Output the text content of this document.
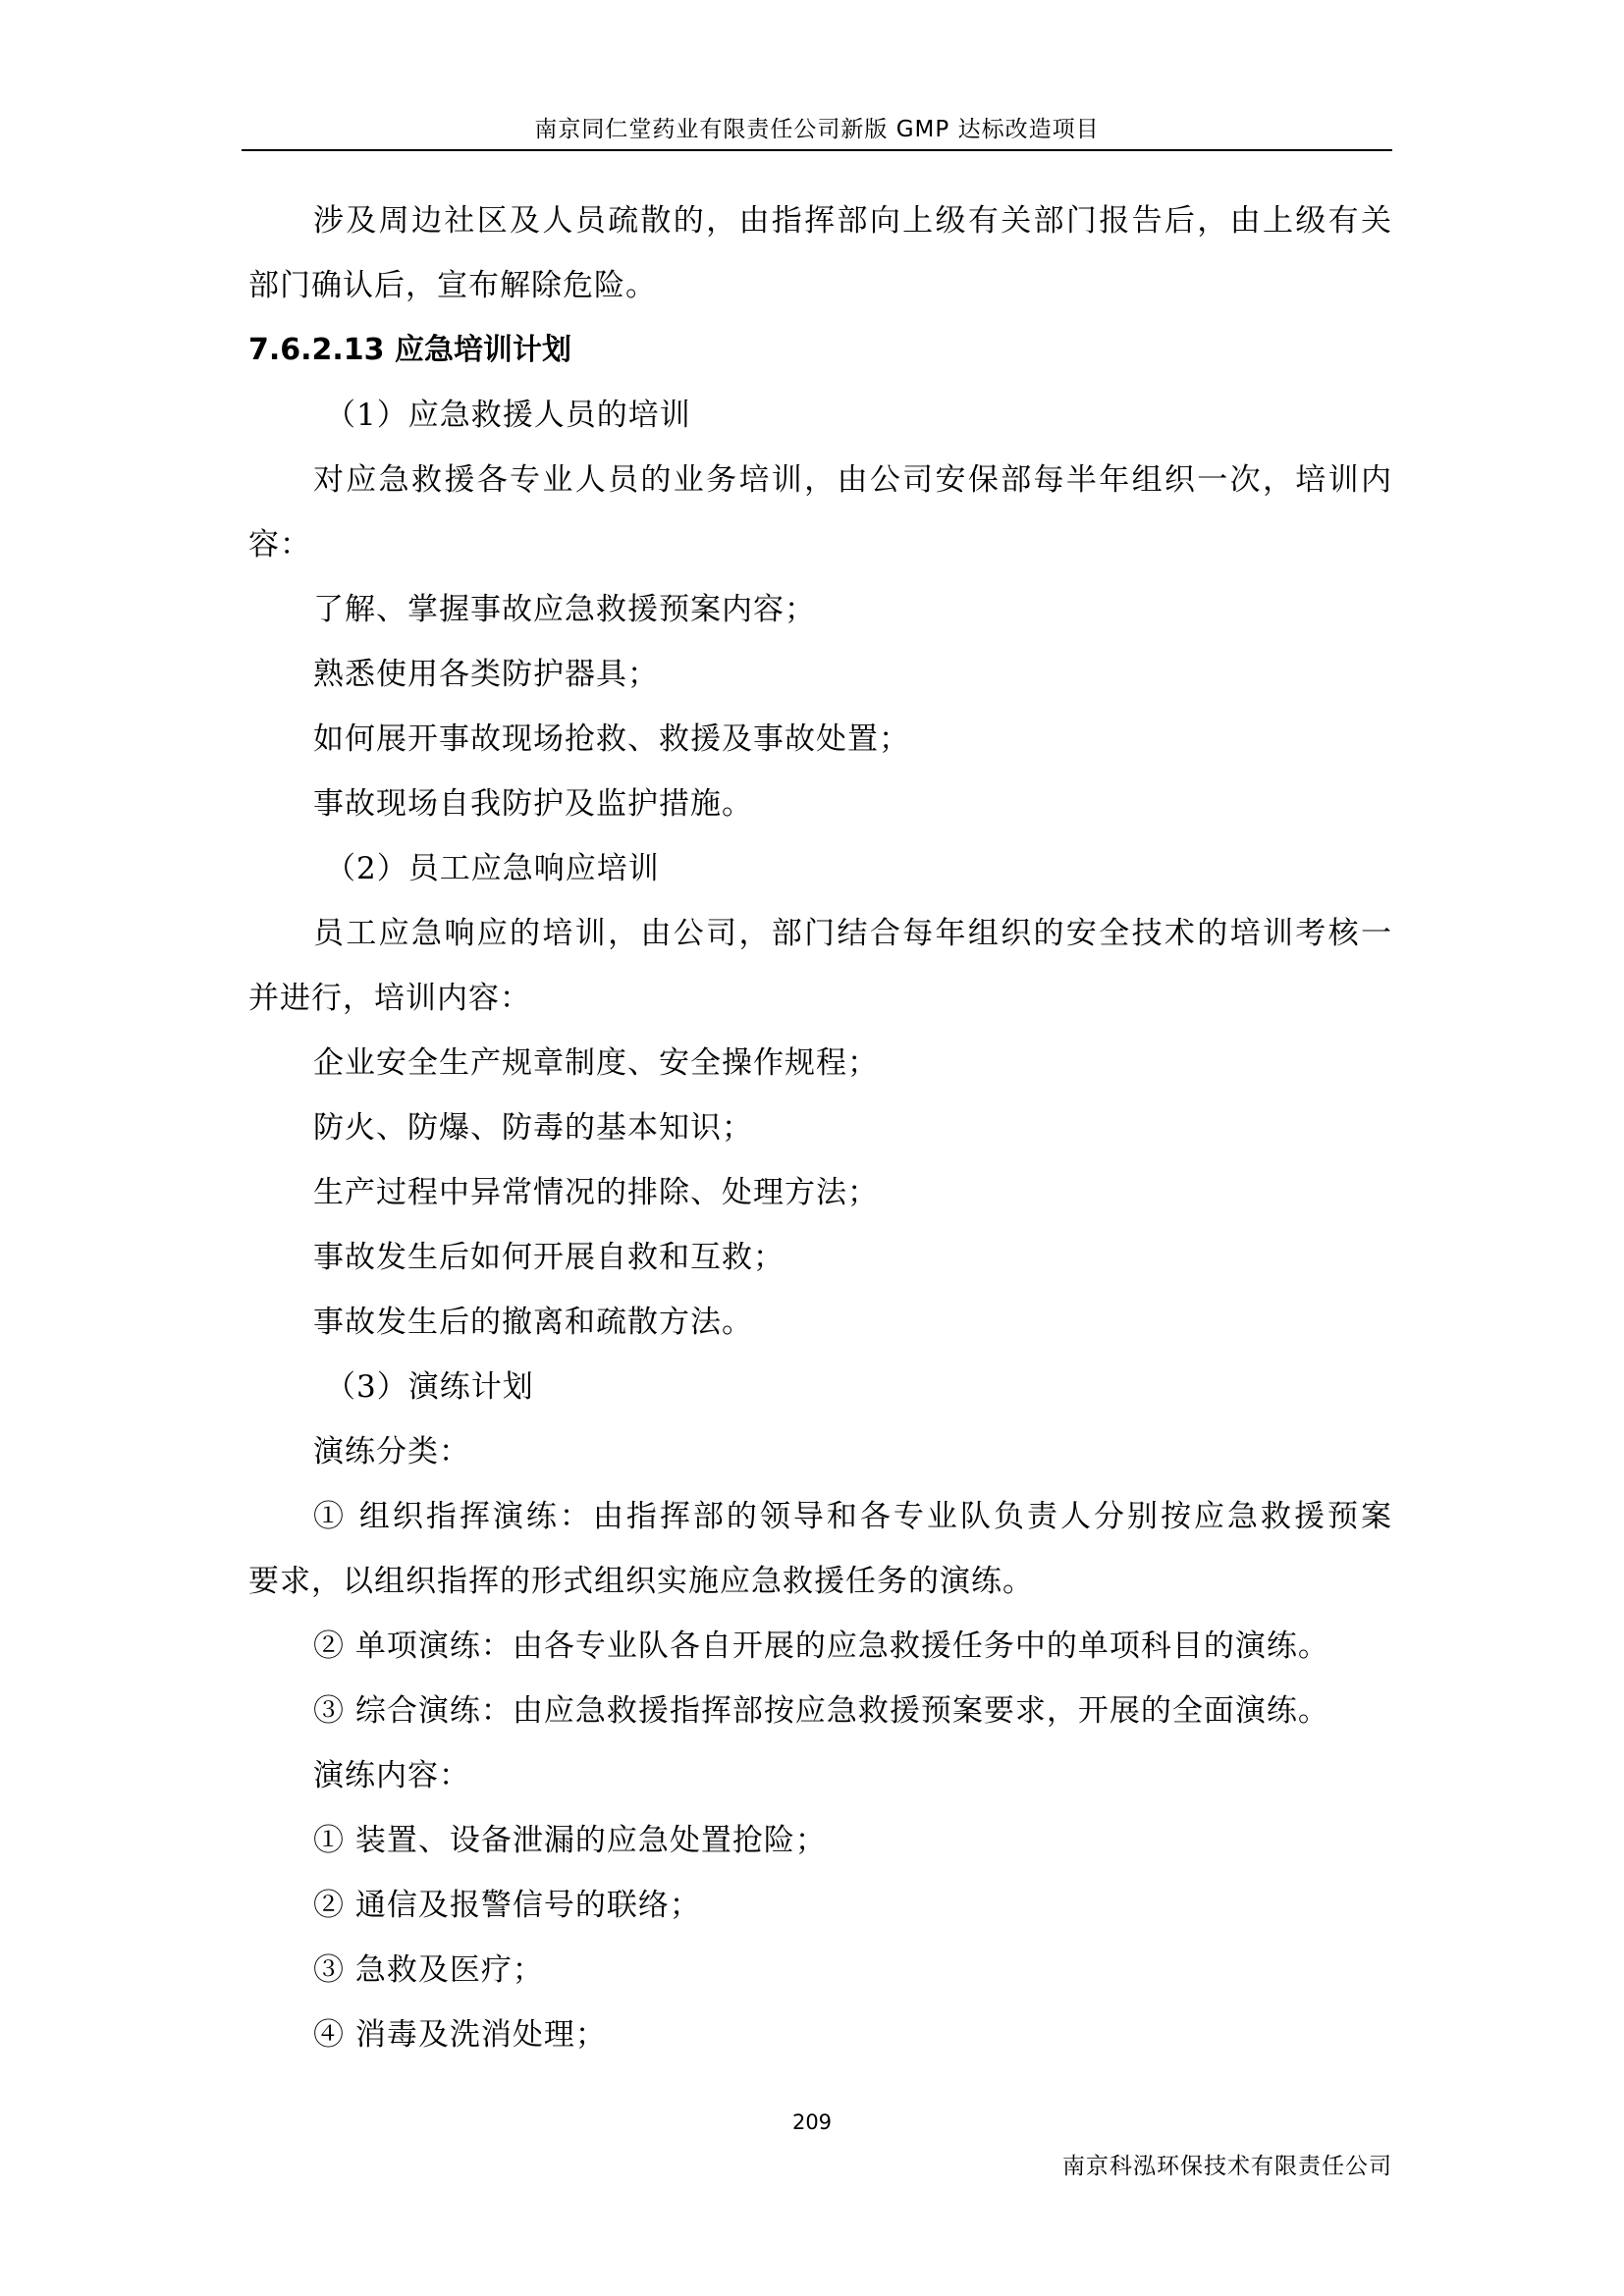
南京同仁堂药业有限责任公司新版 GMP 达标改造项目
涉及周边社区及人员疏散的，由指挥部向上级有关部门报告后，由上级有关
部门确认后，宣布解除危险。
7.6.2.13 应急培训计划
（1）应急救援人员的培训
对应急救援各专业人员的业务培训，由公司安保部每半年组织一次，培训内
容：
了解、掌握事故应急救援预案内容；
熟悉使用各类防护器具；
如何展开事故现场抢救、救援及事故处置；
事故现场自我防护及监护措施。
（2）员工应急响应培训
员工应急响应的培训，由公司，部门结合每年组织的安全技术的培训考核一
并进行，培训内容：
企业安全生产规章制度、安全操作规程；
防火、防爆、防毒的基本知识；
生产过程中异常情况的排除、处理方法；
事故发生后如何开展自救和互救；
事故发生后的撤离和疏散方法。
（3）演练计划
演练分类：
① 组织指挥演练：由指挥部的领导和各专业队负责人分别按应急救援预案
要求，以组织指挥的形式组织实施应急救援任务的演练。
② 单项演练：由各专业队各自开展的应急救援任务中的单项科目的演练。
③ 综合演练：由应急救援指挥部按应急救援预案要求，开展的全面演练。
演练内容：
① 装置、设备泄漏的应急处置抢险；
② 通信及报警信号的联络；
③ 急救及医疗；
④ 消毒及洗消处理；
209
南京科泓环保技术有限责任公司
